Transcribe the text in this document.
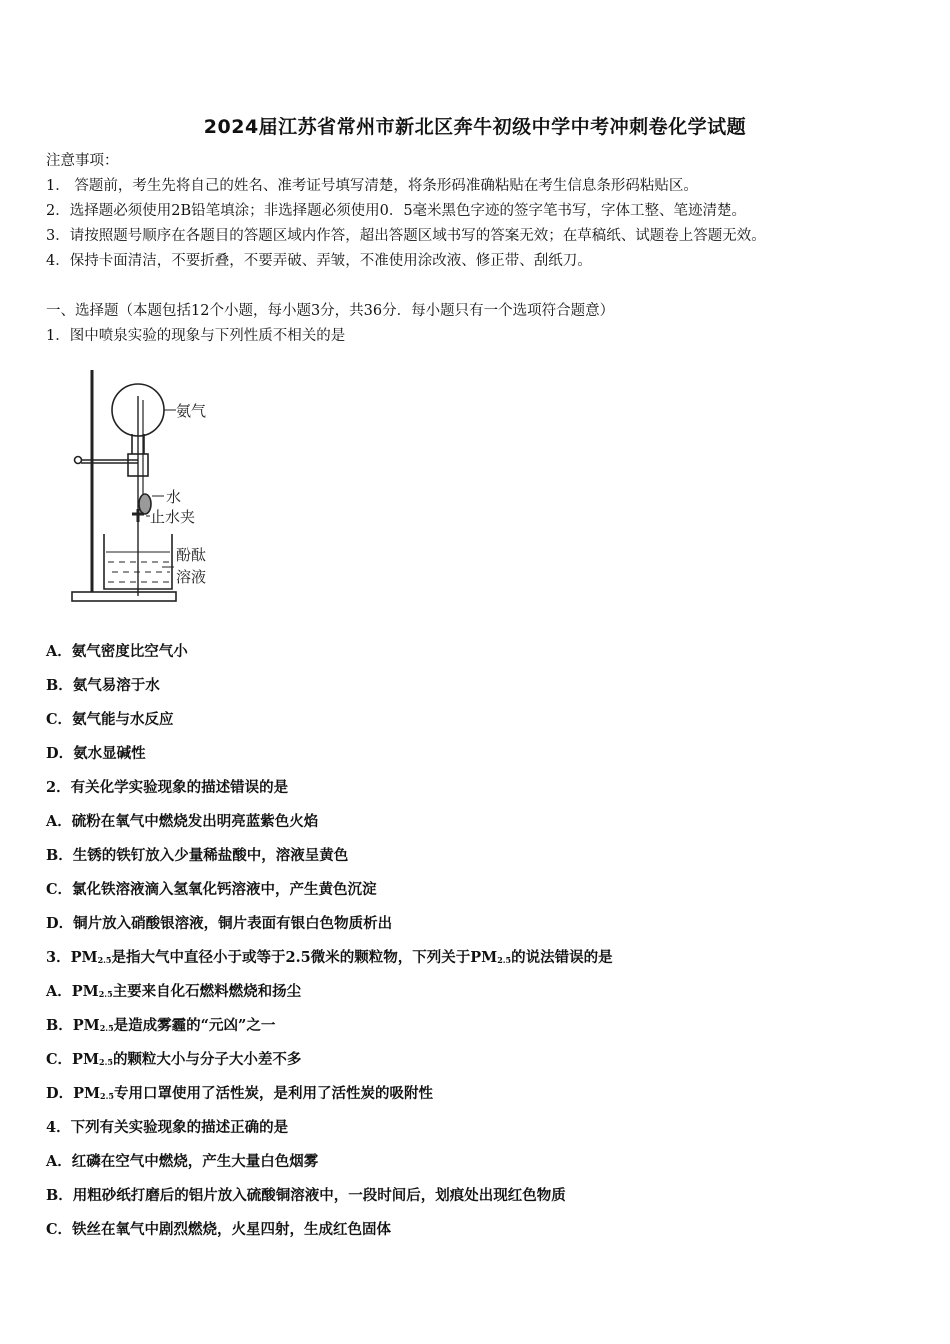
2024届江苏省常州市新北区奔牛初级中学中考冲刺卷化学试题
注意事项：
1． 答题前，考生先将自己的姓名、准考证号填写清楚，将条形码准确粘贴在考生信息条形码粘贴区。
2．选择题必须使用2B铅笔填涂；非选择题必须使用0．5毫米黑色字迹的签字笔书写，字体工整、笔迹清楚。
3．请按照题号顺序在各题目的答题区域内作答，超出答题区域书写的答案无效；在草稿纸、试题卷上答题无效。
4．保持卡面清洁，不要折叠，不要弄破、弄皱，不准使用涂改液、修正带、刮纸刀。
一、选择题（本题包括12个小题，每小题3分，共36分．每小题只有一个选项符合题意）
1．图中喷泉实验的现象与下列性质不相关的是
氨气
水
止水夹
酚酞
溶液
A．氨气密度比空气小
B．氨气易溶于水
C．氨气能与水反应
D．氨水显碱性
2．有关化学实验现象的描述错误的是
A．硫粉在氧气中燃烧发出明亮蓝紫色火焰
B．生锈的铁钉放入少量稀盐酸中，溶液呈黄色
C．氯化铁溶液滴入氢氧化钙溶液中，产生黄色沉淀
D．铜片放入硝酸银溶液，铜片表面有银白色物质析出
3．$PM_{2.5}$是指大气中直径小于或等于2.5微米的颗粒物，下列关于$PM_{2.5}$的说法错误的是
A．$PM_{2.5}$主要来自化石燃料燃烧和扬尘
B．$PM_{2.5}$是造成雾霾的“元凶”之一
C．$PM_{2.5}$的颗粒大小与分子大小差不多
D．$PM_{2.5}$专用口罩使用了活性炭，是利用了活性炭的吸附性
4．下列有关实验现象的描述正确的是
A．红磷在空气中燃烧，产生大量白色烟雾
B．用粗砂纸打磨后的铝片放入硫酸铜溶液中，一段时间后，划痕处出现红色物质
C．铁丝在氧气中剧烈燃烧，火星四射，生成红色固体
